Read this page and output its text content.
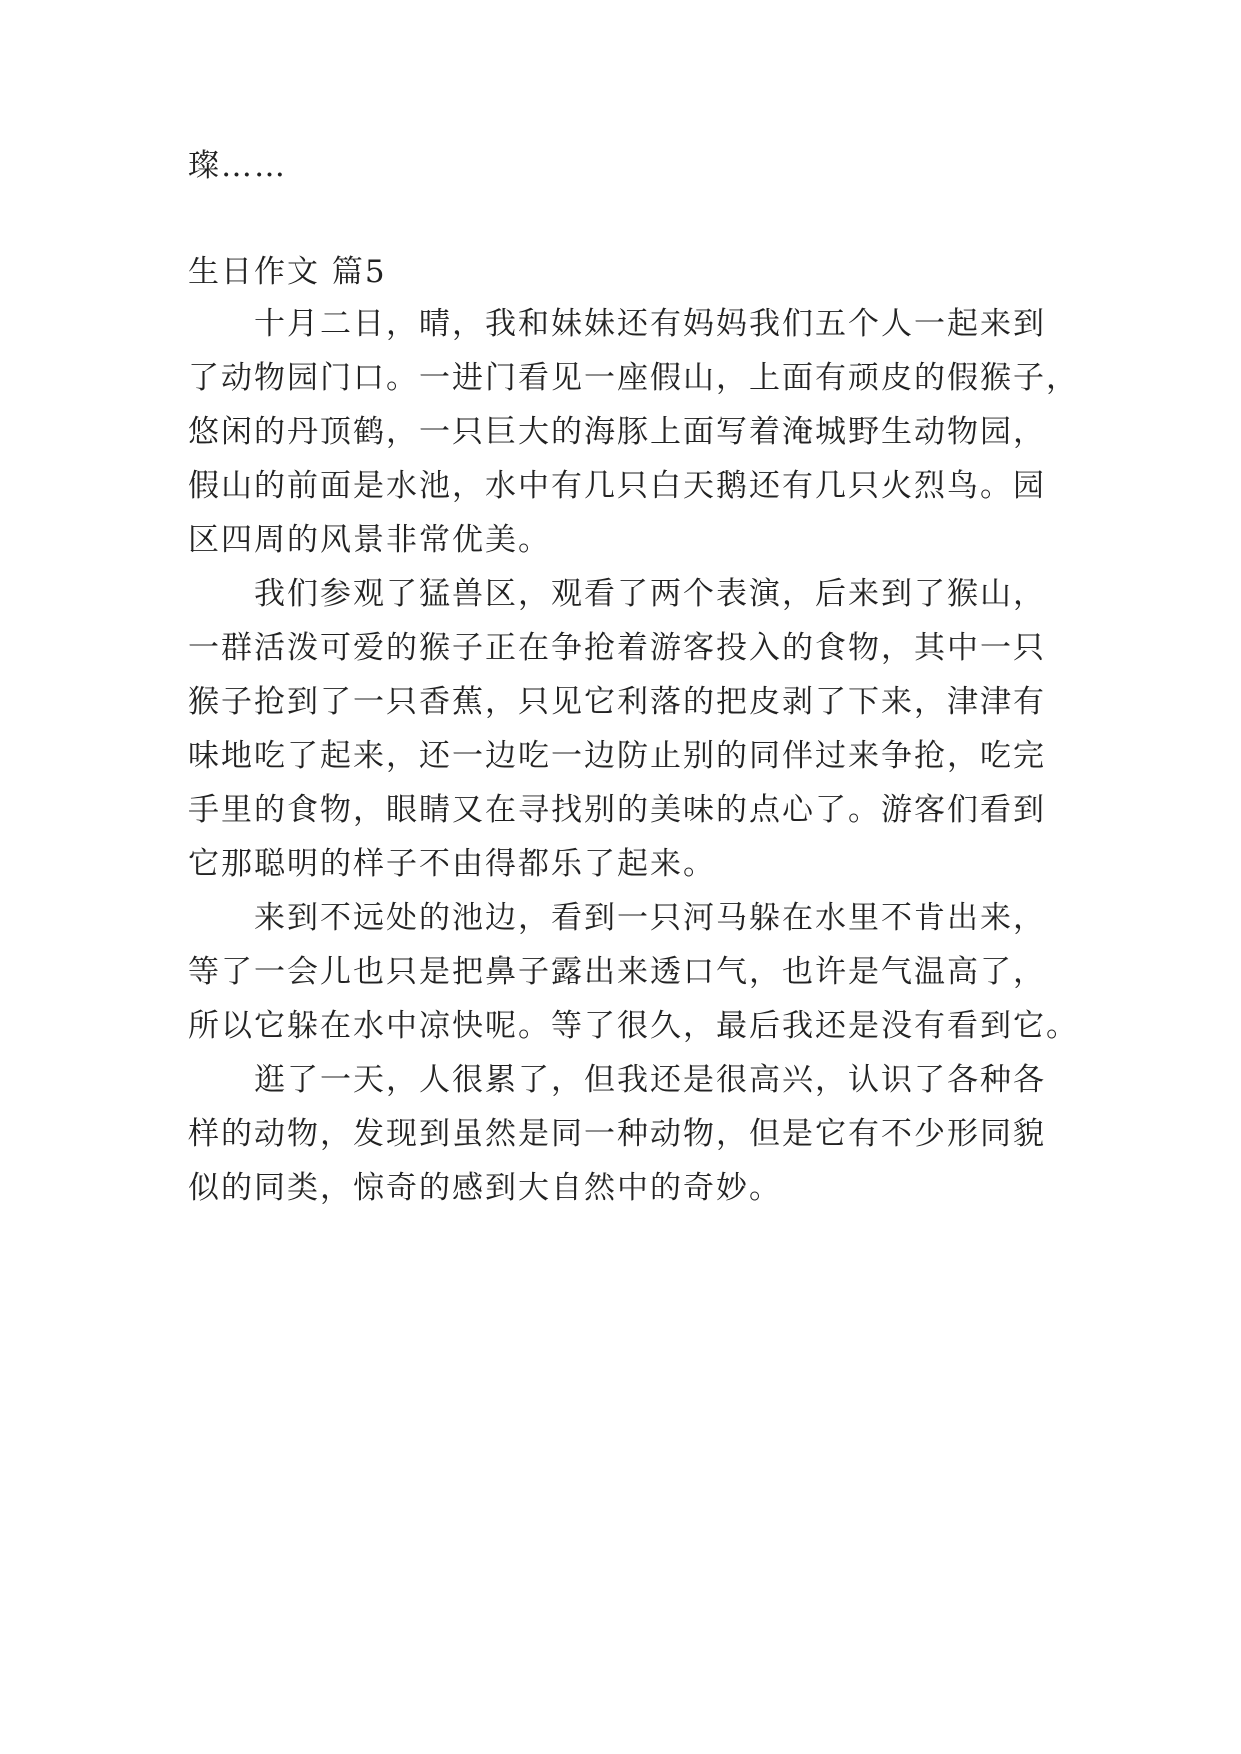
璨……
生日作文 篇5
十月二日，晴，我和妹妹还有妈妈我们五个人一起来到
了动物园门口。一进门看见一座假山，上面有顽皮的假猴子，
悠闲的丹顶鹤，一只巨大的海豚上面写着淹城野生动物园，
假山的前面是水池，水中有几只白天鹅还有几只火烈鸟。园
区四周的风景非常优美。
我们参观了猛兽区，观看了两个表演，后来到了猴山，
一群活泼可爱的猴子正在争抢着游客投入的食物，其中一只
猴子抢到了一只香蕉，只见它利落的把皮剥了下来，津津有
味地吃了起来，还一边吃一边防止别的同伴过来争抢，吃完
手里的食物，眼睛又在寻找别的美味的点心了。游客们看到
它那聪明的样子不由得都乐了起来。
来到不远处的池边，看到一只河马躲在水里不肯出来，
等了一会儿也只是把鼻子露出来透口气，也许是气温高了，
所以它躲在水中凉快呢。等了很久，最后我还是没有看到它。
逛了一天，人很累了，但我还是很高兴，认识了各种各
样的动物，发现到虽然是同一种动物，但是它有不少形同貌
似的同类，惊奇的感到大自然中的奇妙。
